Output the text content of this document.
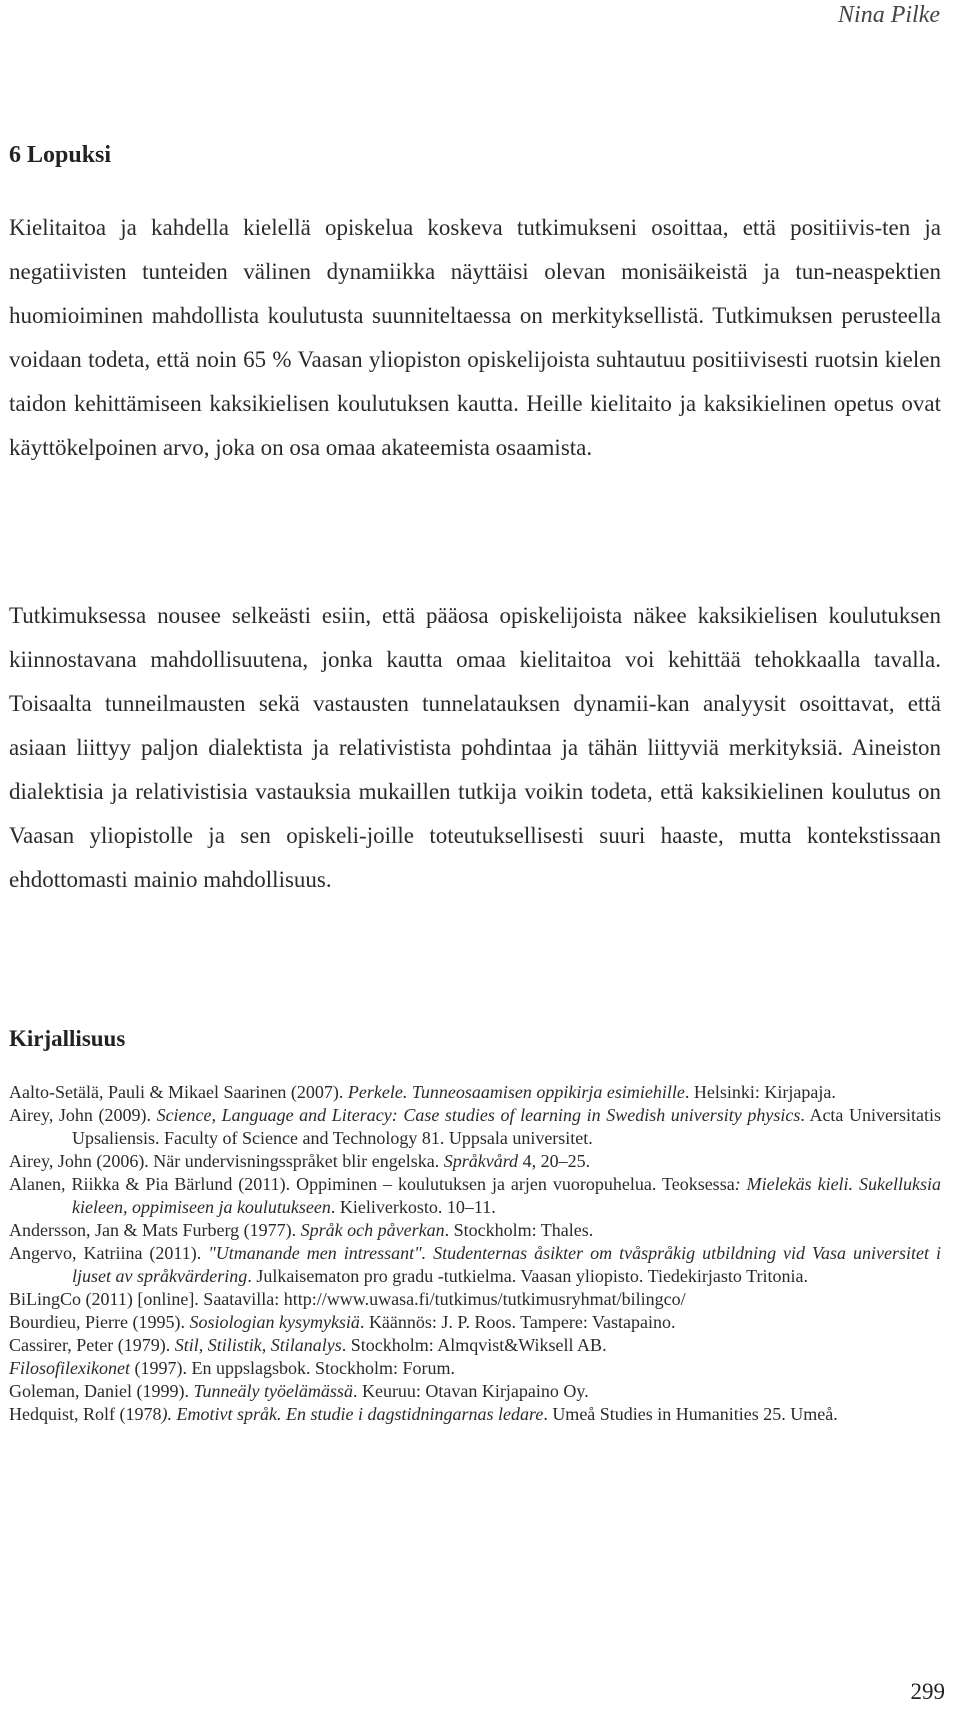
Nina Pilke

6 Lopuksi

Kielitaitoa ja kahdella kielellä opiskelua koskeva tutkimukseni osoittaa, että positiivis-ten ja negatiivisten tunteiden välinen dynamiikka näyttäisi olevan monisäikeistä ja tun-neaspektien huomioiminen mahdollista koulutusta suunniteltaessa on merkityksellistä. Tutkimuksen perusteella voidaan todeta, että noin 65 % Vaasan yliopiston opiskelijoista suhtautuu positiivisesti ruotsin kielen taidon kehittämiseen kaksikielisen koulutuksen kautta. Heille kielitaito ja kaksikielinen opetus ovat käyttökelpoinen arvo, joka on osa omaa akateemista osaamista.

Tutkimuksessa nousee selkeästi esiin, että pääosa opiskelijoista näkee kaksikielisen koulutuksen kiinnostavana mahdollisuutena, jonka kautta omaa kielitaitoa voi kehittää tehokkaalla tavalla. Toisaalta tunneilmausten sekä vastausten tunnelatauksen dynamii-kan analyysit osoittavat, että asiaan liittyy paljon dialektista ja relativistista pohdintaa ja tähän liittyviä merkityksiä. Aineiston dialektisia ja relativistisia vastauksia mukaillen tutkija voikin todeta, että kaksikielinen koulutus on Vaasan yliopistolle ja sen opiskeli-joille toteutuksellisesti suuri haaste, mutta kontekstissaan ehdottomasti mainio mahdollisuus.

Kirjallisuus
Aalto-Setälä, Pauli & Mikael Saarinen (2007). Perkele. Tunneosaamisen oppikirja esimiehille. Helsinki: Kirjapaja.
Airey, John (2009). Science, Language and Literacy: Case studies of learning in Swedish university physics. Acta Universitatis Upsaliensis. Faculty of Science and Technology 81. Uppsala universitet.
Airey, John (2006). När undervisningsspråket blir engelska. Språkvård 4, 20–25.
Alanen, Riikka & Pia Bärlund (2011). Oppiminen – koulutuksen ja arjen vuoropuhelua. Teoksessa: Mielekäs kieli. Sukelluksia kieleen, oppimiseen ja koulutukseen. Kieliverkosto. 10–11.
Andersson, Jan & Mats Furberg (1977). Språk och påverkan. Stockholm: Thales.
Angervo, Katriina (2011). "Utmanande men intressant". Studenternas åsikter om tvåspråkig utbildning vid Vasa universitet i ljuset av språkvärdering. Julkaisematon pro gradu -tutkielma. Vaasan yliopisto. Tiedekirjasto Tritonia.
BiLingCo (2011) [online]. Saatavilla: http://www.uwasa.fi/tutkimus/tutkimusryhmat/bilingco/
Bourdieu, Pierre (1995). Sosiologian kysymyksiä. Käännös: J. P. Roos. Tampere: Vastapaino.
Cassirer, Peter (1979). Stil, Stilistik, Stilanalys. Stockholm: Almqvist&Wiksell AB.
Filosofilexikonet (1997). En uppslagsbok. Stockholm: Forum.
Goleman, Daniel (1999). Tunneäly työelämässä. Keuruu: Otavan Kirjapaino Oy.
Hedquist, Rolf (1978). Emotivt språk. En studie i dagstidningarnas ledare. Umeå Studies in Humanities 25. Umeå.

299
